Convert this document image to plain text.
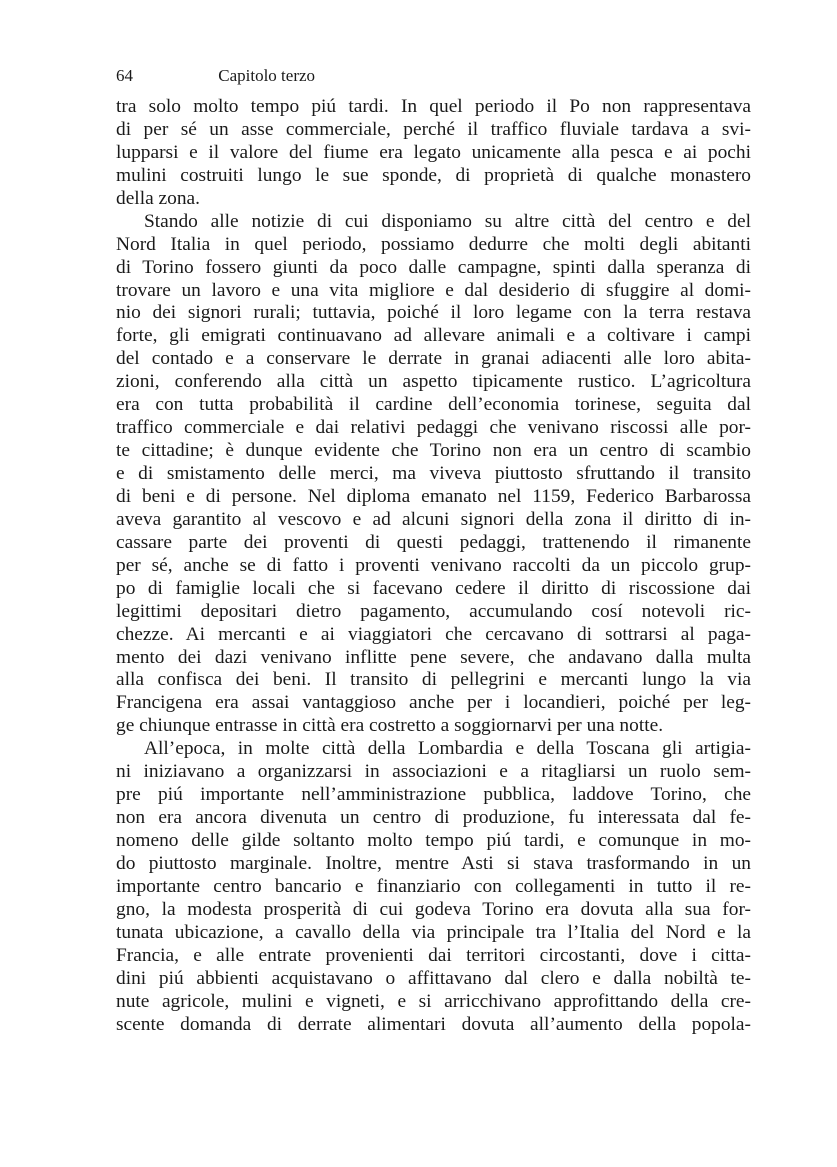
64	Capitolo terzo
tra solo molto tempo piú tardi. In quel periodo il Po non rappresentava
di per sé un asse commerciale, perché il traffico fluviale tardava a svi-
lupparsi e il valore del fiume era legato unicamente alla pesca e ai pochi
mulini costruiti lungo le sue sponde, di proprietà di qualche monastero
della zona.
Stando alle notizie di cui disponiamo su altre città del centro e del
Nord Italia in quel periodo, possiamo dedurre che molti degli abitanti
di Torino fossero giunti da poco dalle campagne, spinti dalla speranza di
trovare un lavoro e una vita migliore e dal desiderio di sfuggire al domi-
nio dei signori rurali; tuttavia, poiché il loro legame con la terra restava
forte, gli emigrati continuavano ad allevare animali e a coltivare i campi
del contado e a conservare le derrate in granai adiacenti alle loro abita-
zioni, conferendo alla città un aspetto tipicamente rustico. L’agricoltura
era con tutta probabilità il cardine dell’economia torinese, seguita dal
traffico commerciale e dai relativi pedaggi che venivano riscossi alle por-
te cittadine; è dunque evidente che Torino non era un centro di scambio
e di smistamento delle merci, ma viveva piuttosto sfruttando il transito
di beni e di persone. Nel diploma emanato nel 1159, Federico Barbarossa
aveva garantito al vescovo e ad alcuni signori della zona il diritto di in-
cassare parte dei proventi di questi pedaggi, trattenendo il rimanente
per sé, anche se di fatto i proventi venivano raccolti da un piccolo grup-
po di famiglie locali che si facevano cedere il diritto di riscossione dai
legittimi depositari dietro pagamento, accumulando cosí notevoli ric-
chezze. Ai mercanti e ai viaggiatori che cercavano di sottrarsi al paga-
mento dei dazi venivano inflitte pene severe, che andavano dalla multa
alla confisca dei beni. Il transito di pellegrini e mercanti lungo la via
Francigena era assai vantaggioso anche per i locandieri, poiché per leg-
ge chiunque entrasse in città era costretto a soggiornarvi per una notte.
All’epoca, in molte città della Lombardia e della Toscana gli artigia-
ni iniziavano a organizzarsi in associazioni e a ritagliarsi un ruolo sem-
pre piú importante nell’amministrazione pubblica, laddove Torino, che
non era ancora divenuta un centro di produzione, fu interessata dal fe-
nomeno delle gilde soltanto molto tempo piú tardi, e comunque in mo-
do piuttosto marginale. Inoltre, mentre Asti si stava trasformando in un
importante centro bancario e finanziario con collegamenti in tutto il re-
gno, la modesta prosperità di cui godeva Torino era dovuta alla sua for-
tunata ubicazione, a cavallo della via principale tra l’Italia del Nord e la
Francia, e alle entrate provenienti dai territori circostanti, dove i citta-
dini piú abbienti acquistavano o affittavano dal clero e dalla nobiltà te-
nute agricole, mulini e vigneti, e si arricchivano approfittando della cre-
scente domanda di derrate alimentari dovuta all’aumento della popola-
